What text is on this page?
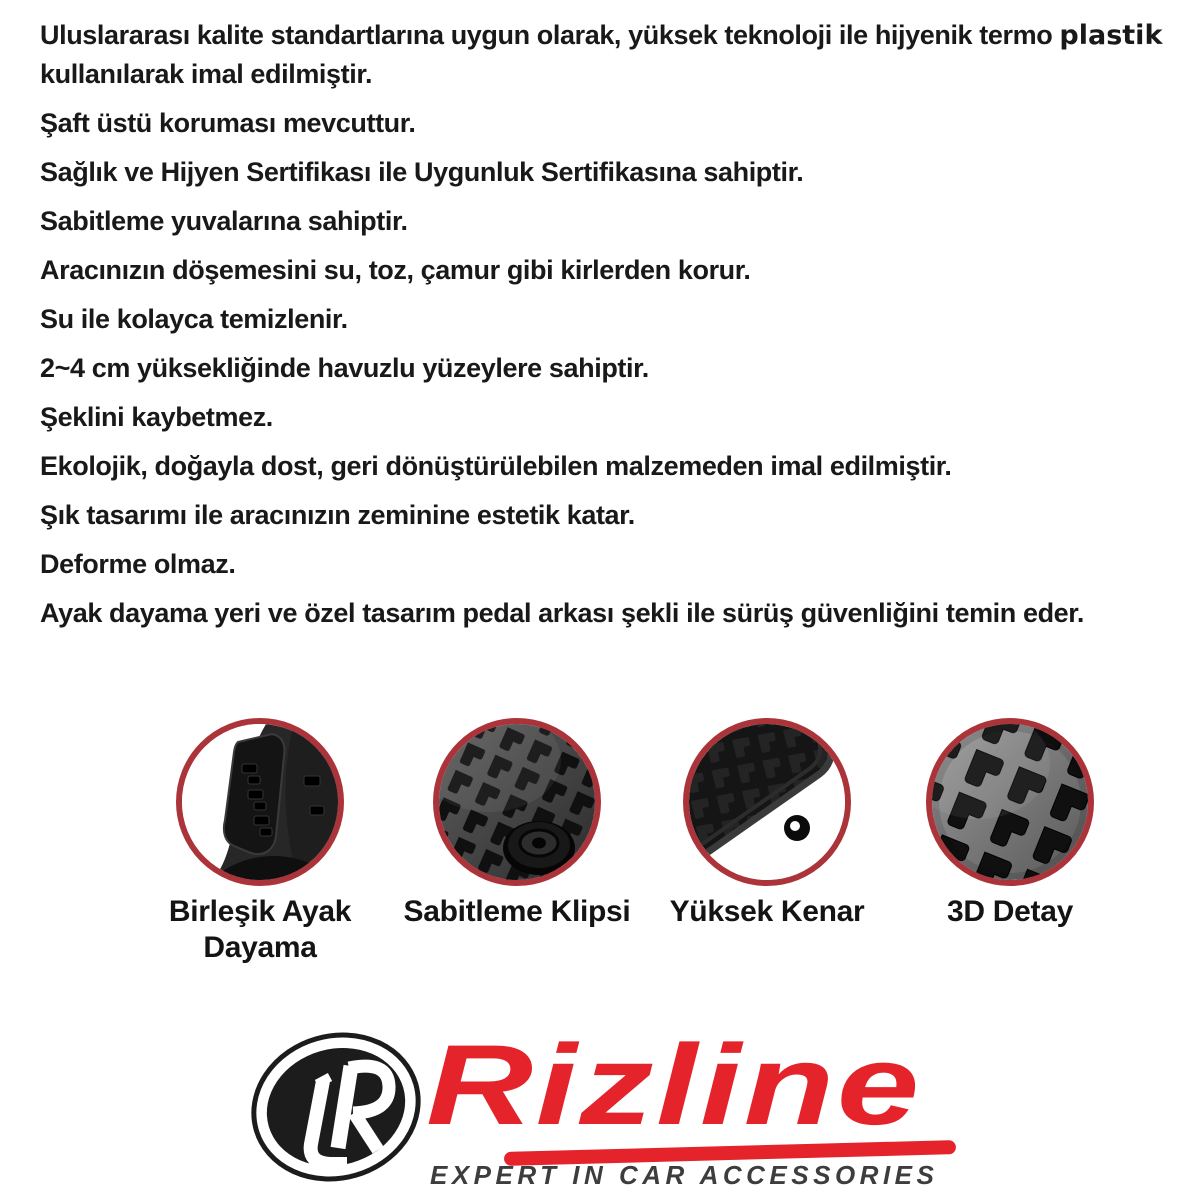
Uluslararası kalite standartlarına uygun olarak, yüksek teknoloji ile hijyenik termo plastik

kullanılarak imal edilmiştir.

Şaft üstü koruması mevcuttur.

Sağlık ve Hijyen Sertifikası ile Uygunluk Sertifikasına sahiptir.

Sabitleme yuvalarına sahiptir.

Aracınızın döşemesini su, toz, çamur gibi kirlerden korur.

Su ile kolayca temizlenir.

2~4 cm yüksekliğinde havuzlu yüzeylere sahiptir.

Şeklini kaybetmez.

Ekolojik, doğayla dost, geri dönüştürülebilen malzemeden imal edilmiştir.

Şık tasarımı ile aracınızın zeminine estetik katar.

Deforme olmaz.

Ayak dayama yeri ve özel tasarım pedal arkası şekli ile sürüş güvenliğini temin eder.

Birleşik Ayak
Dayama
Sabitleme Klipsi	Yüksek Kenar	3D Detay
Rizline
EXPERT IN CAR ACCESSORIES
